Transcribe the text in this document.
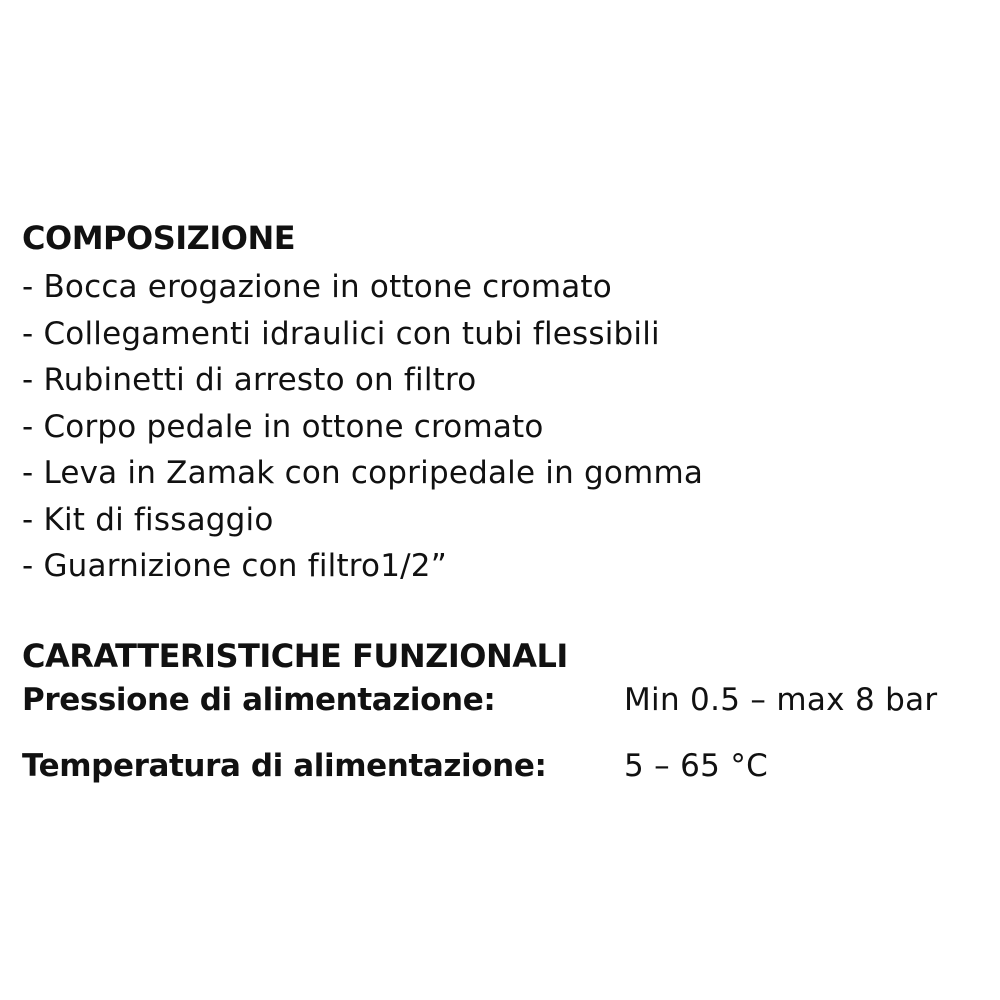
COMPOSIZIONE
- Bocca erogazione in ottone cromato
- Collegamenti idraulici con tubi flessibili
- Rubinetti di arresto on filtro
- Corpo pedale in ottone cromato
- Leva in Zamak con copripedale in gomma
- Kit di fissaggio
- Guarnizione con filtro1/2”
CARATTERISTICHE FUNZIONALI
Pressione di alimentazione:	Min 0.5 – max 8 bar
Temperatura di alimentazione:	5 – 65 °C
